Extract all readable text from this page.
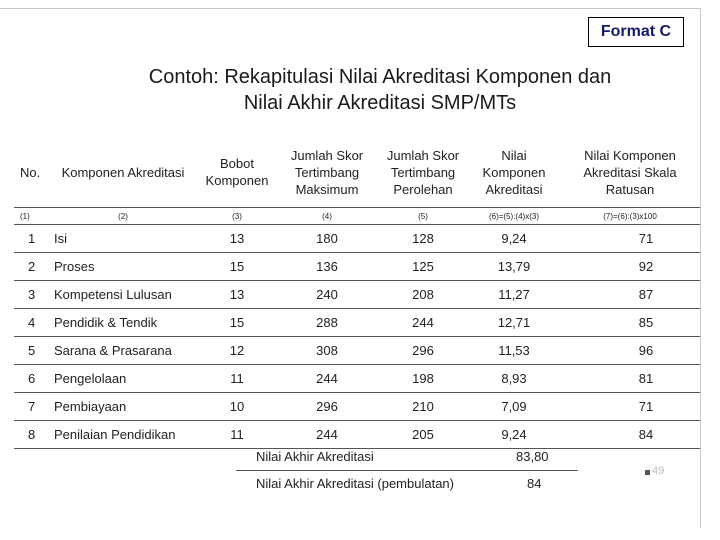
Format C
Contoh: Rekapitulasi Nilai Akreditasi Komponen dan
Nilai Akhir Akreditasi SMP/MTs
No.	Komponen Akreditasi	Bobot Komponen	Jumlah Skor Tertimbang Maksimum	Jumlah Skor Tertimbang Perolehan	Nilai Komponen Akreditasi	Nilai Komponen Akreditasi Skala Ratusan
(1)	(2)	(3)	(4)	(5)	(6)=(5):(4)x(3)	(7)=(6):(3)x100
1	Isi	13	180	128	9,24	71
2	Proses	15	136	125	13,79	92
3	Kompetensi Lulusan	13	240	208	11,27	87
4	Pendidik & Tendik	15	288	244	12,71	85
5	Sarana & Prasarana	12	308	296	11,53	96
6	Pengelolaan	11	244	198	8,93	81
7	Pembiayaan	10	296	210	7,09	71
8	Penilaian Pendidikan	11	244	205	9,24	84
Nilai Akhir Akreditasi	83,80
Nilai Akhir Akreditasi (pembulatan)	84
49
